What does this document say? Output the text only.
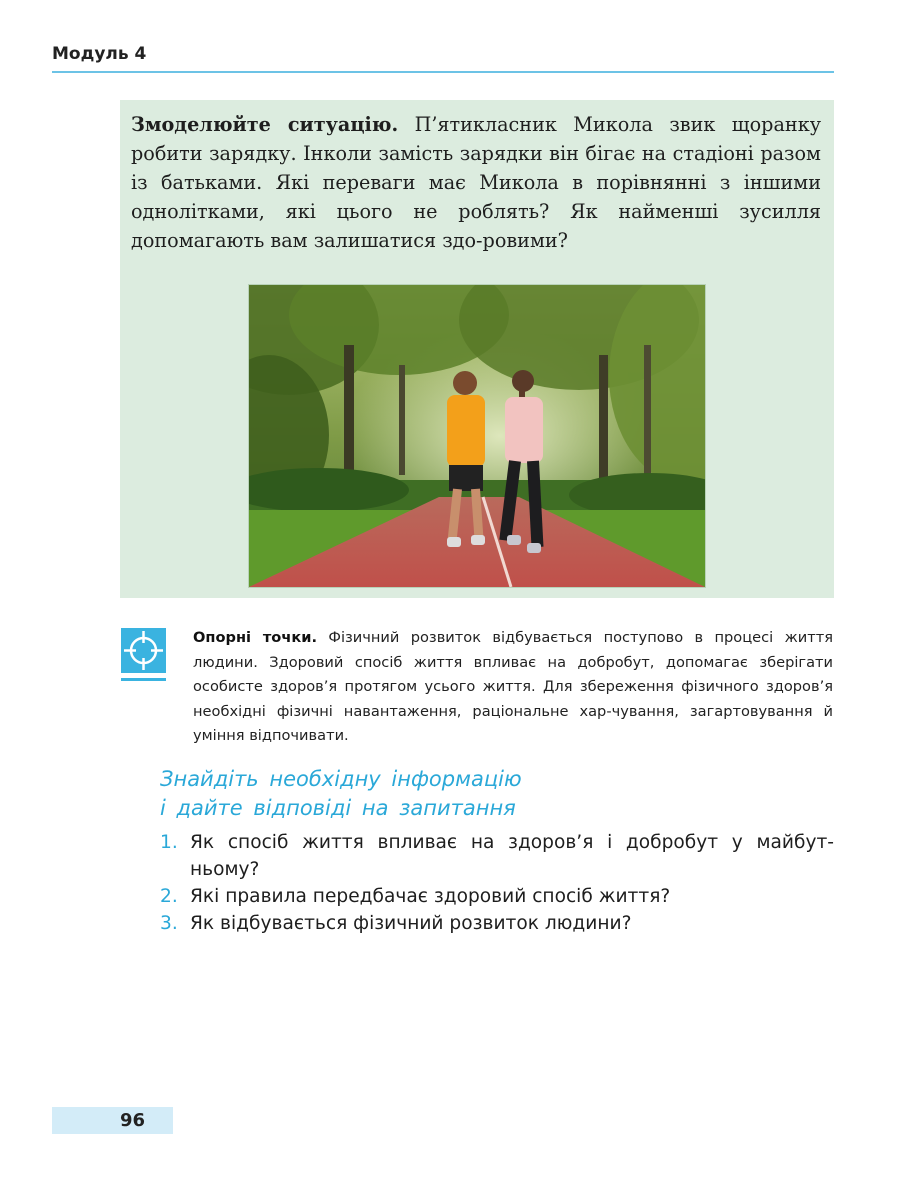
Модуль 4

Змоделюйте ситуацію. П’ятикласник Микола звик щоранку робити зарядку. Інколи замість зарядки він бігає на стадіоні разом із батьками. Які переваги має Микола в порівнянні з іншими однолітками, які цього не роблять? Як найменші зусилля допомагають вам залишатися здо-ровими?

Опорні точки. Фізичний розвиток відбувається поступово в процесі життя людини. Здоровий спосіб життя впливає на добробут, допомагає зберігати особисте здоров’я протягом усього життя. Для збереження фізичного здоров’я необхідні фізичні навантаження, раціональне хар-чування, загартовування й уміння відпочивати.

Знайдіть необхідну інформацію
і дайте відповіді на запитання
1. Як спосіб життя впливає на здоров’я і добробут у майбут- ньому?
2. Які правила передбачає здоровий спосіб життя?
3. Як відбувається фізичний розвиток людини?
96
